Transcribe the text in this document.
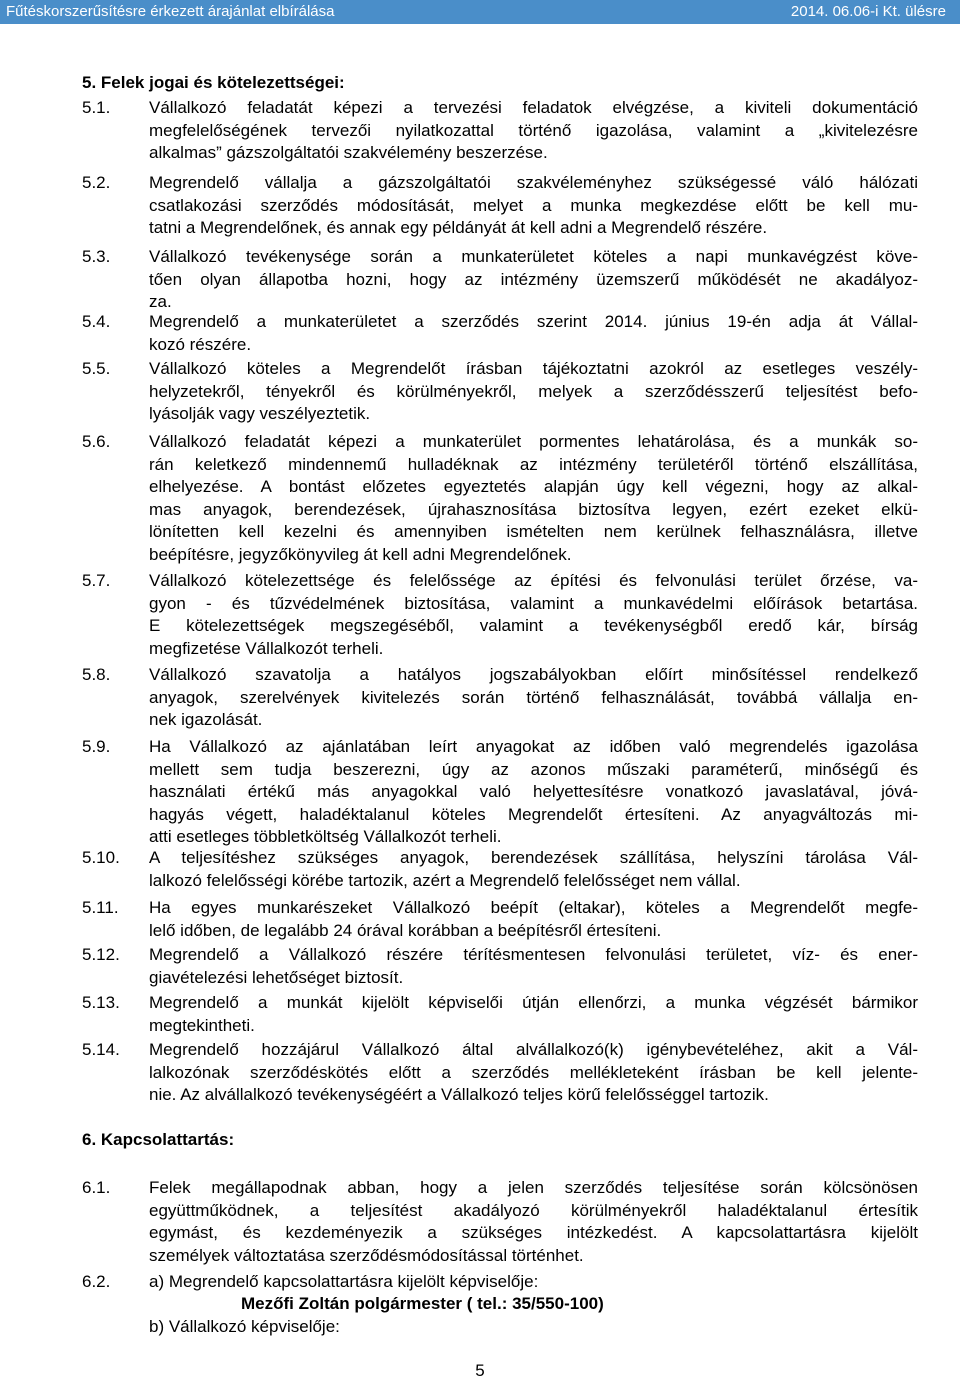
Fűtéskorszerűsítésre érkezett árajánlat elbírálása	2014. 06.06-i Kt. ülésre
5. Felek jogai és kötelezettségei:
5.1. Vállalkozó feladatát képezi a tervezési feladatok elvégzése, a kiviteli dokumentáció
megfelelőségének tervezői nyilatkozattal történő igazolása, valamint a „kivitelezésre
alkalmas” gázszolgáltatói szakvélemény beszerzése.
5.2. Megrendelő vállalja a gázszolgáltatói szakvéleményhez szükségessé váló hálózati
csatlakozási szerződés módosítását, melyet a munka megkezdése előtt be kell mu-
tatni a Megrendelőnek, és annak egy példányát át kell adni a Megrendelő részére.
5.3. Vállalkozó tevékenysége során a munkaterületet köteles a napi munkavégzést köve-
tően olyan állapotba hozni, hogy az intézmény üzemszerű működését ne akadályoz-
za.
5.4. Megrendelő a munkaterületet a szerződés szerint 2014. június 19-én adja át Vállal-
kozó részére.
5.5. Vállalkozó köteles a Megrendelőt írásban tájékoztatni azokról az esetleges veszély-
helyzetekről, tényekről és körülményekről, melyek a szerződésszerű teljesítést befo-
lyásolják vagy veszélyeztetik.
5.6. Vállalkozó feladatát képezi a munkaterület pormentes lehatárolása, és a munkák so-
rán keletkező mindennemű hulladéknak az intézmény területéről történő elszállítása,
elhelyezése. A bontást előzetes egyeztetés alapján úgy kell végezni, hogy az alkal-
mas anyagok, berendezések, újrahasznosítása biztosítva legyen, ezért ezeket elkü-
lönítetten kell kezelni és amennyiben ismételten nem kerülnek felhasználásra, illetve
beépítésre, jegyzőkönyvileg át kell adni Megrendelőnek.
5.7. Vállalkozó kötelezettsége és felelőssége az építési és felvonulási terület őrzése, va-
gyon - és tűzvédelmének biztosítása, valamint a munkavédelmi előírások betartása.
E kötelezettségek megszegéséből, valamint a tevékenységből eredő kár, bírság
megfizetése Vállalkozót terheli.
5.8. Vállalkozó szavatolja a hatályos jogszabályokban előírt minősítéssel rendelkező
anyagok, szerelvények kivitelezés során történő felhasználását, továbbá vállalja en-
nek igazolását.
5.9. Ha Vállalkozó az ajánlatában leírt anyagokat az időben való megrendelés igazolása
mellett sem tudja beszerezni, úgy az azonos műszaki paraméterű, minőségű és
használati értékű más anyagokkal való helyettesítésre vonatkozó javaslatával, jóvá-
hagyás végett, haladéktalanul köteles Megrendelőt értesíteni. Az anyagváltozás mi-
atti esetleges többletköltség Vállalkozót terheli.
5.10. A teljesítéshez szükséges anyagok, berendezések szállítása, helyszíni tárolása Vál-
lalkozó felelősségi körébe tartozik, azért a Megrendelő felelősséget nem vállal.
5.11. Ha egyes munkarészeket Vállalkozó beépít (eltakar), köteles a Megrendelőt megfe-
lelő időben, de legalább 24 órával korábban a beépítésről értesíteni.
5.12. Megrendelő a Vállalkozó részére térítésmentesen felvonulási területet, víz- és ener-
giavételezési lehetőséget biztosít.
5.13. Megrendelő a munkát kijelölt képviselői útján ellenőrzi, a munka végzését bármikor
megtekintheti.
5.14. Megrendelő hozzájárul Vállalkozó által alvállalkozó(k) igénybevételéhez, akit a Vál-
lalkozónak szerződéskötés előtt a szerződés mellékleteként írásban be kell jelente-
nie. Az alvállalkozó tevékenységéért a Vállalkozó teljes körű felelősséggel tartozik.
6. Kapcsolattartás:
6.1. Felek megállapodnak abban, hogy a jelen szerződés teljesítése során kölcsönösen
együttműködnek, a teljesítést akadályozó körülményekről haladéktalanul értesítik
egymást, és kezdeményezik a szükséges intézkedést. A kapcsolattartásra kijelölt
személyek változtatása szerződésmódosítással történhet.
6.2. a) Megrendelő kapcsolattartásra kijelölt képviselője:
Mezőfi Zoltán polgármester ( tel.: 35/550-100)
b) Vállalkozó képviselője:
5
